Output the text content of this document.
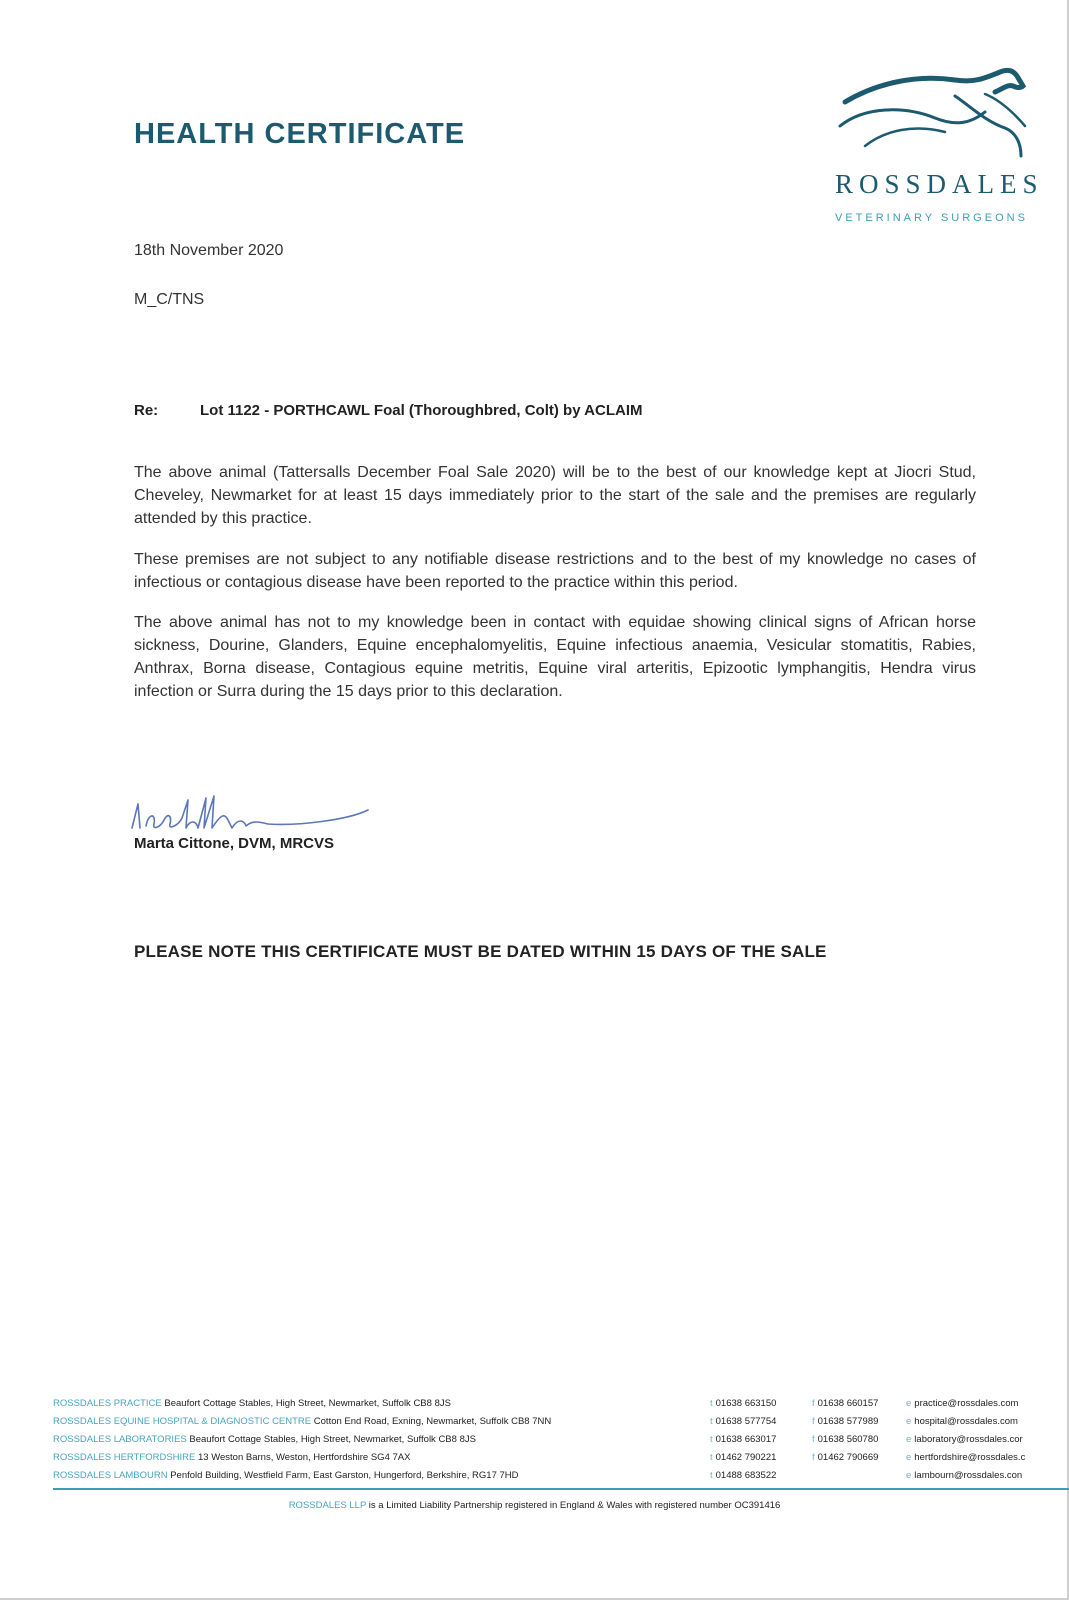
HEALTH CERTIFICATE
ROSSDALES
VETERINARY SURGEONS
18th November 2020
M_C/TNS
Re:	Lot 1122 - PORTHCAWL Foal (Thoroughbred, Colt) by ACLAIM

The above animal (Tattersalls December Foal Sale 2020) will be to the best of our knowledge kept at Jiocri Stud, Cheveley, Newmarket for at least 15 days immediately prior to the start of the sale and the premises are regularly attended by this practice.

These premises are not subject to any notifiable disease restrictions and to the best of my knowledge no cases of infectious or contagious disease have been reported to the practice within this period.

The above animal has not to my knowledge been in contact with equidae showing clinical signs of African horse sickness, Dourine, Glanders, Equine encephalomyelitis, Equine infectious anaemia, Vesicular stomatitis, Rabies, Anthrax, Borna disease, Contagious equine metritis, Equine viral arteritis, Epizootic lymphangitis, Hendra virus infection or Surra during the 15 days prior to this declaration.

Marta Cittone, DVM, MRCVS
PLEASE NOTE THIS CERTIFICATE MUST BE DATED WITHIN 15 DAYS OF THE SALE
ROSSDALES PRACTICE Beaufort Cottage Stables, High Street, Newmarket, Suffolk CB8 8JS	t 01638 663150	f 01638 660157	e practice@rossdales.com
ROSSDALES EQUINE HOSPITAL & DIAGNOSTIC CENTRE Cotton End Road, Exning, Newmarket, Suffolk CB8 7NN	t 01638 577754	f 01638 577989	e hospital@rossdales.com
ROSSDALES LABORATORIES Beaufort Cottage Stables, High Street, Newmarket, Suffolk CB8 8JS	t 01638 663017	f 01638 560780	e laboratory@rossdales.cor
ROSSDALES HERTFORDSHIRE 13 Weston Barns, Weston, Hertfordshire SG4 7AX	t 01462 790221	f 01462 790669	e hertfordshire@rossdales.c
ROSSDALES LAMBOURN Penfold Building, Westfield Farm, East Garston, Hungerford, Berkshire, RG17 7HD	t 01488 683522	e lambourn@rossdales.con
ROSSDALES LLP is a Limited Liability Partnership registered in England & Wales with registered number OC391416
